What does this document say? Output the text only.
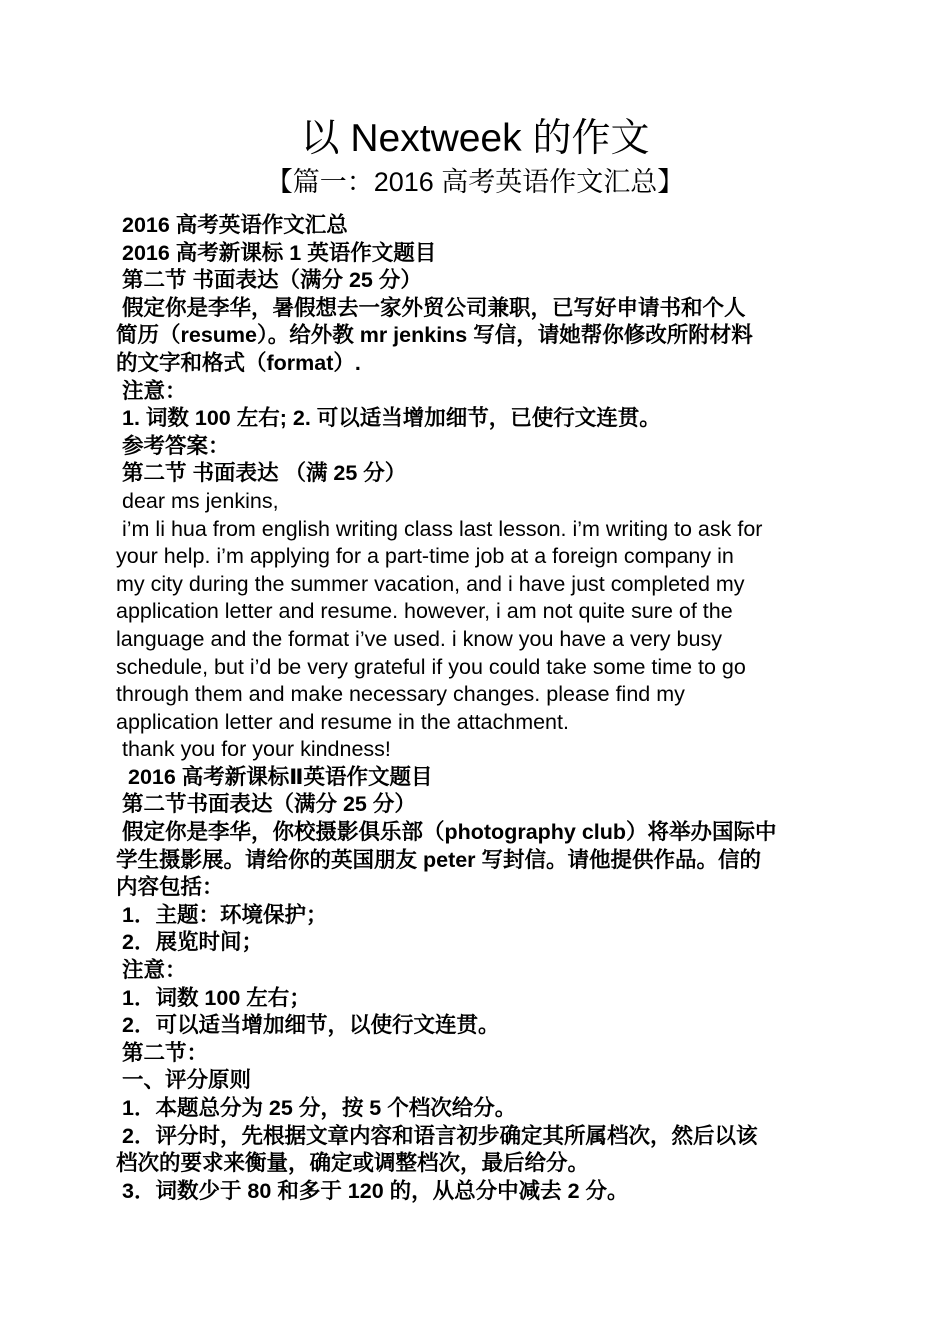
以 Nextweek 的作文
【篇一：2016 高考英语作文汇总】
2016 高考英语作文汇总
2016 高考新课标 1 英语作文题目
第二节 书面表达（满分 25 分）
假定你是李华，暑假想去一家外贸公司兼职，已写好申请书和个人
简历（resume）。给外教 mr jenkins 写信，请她帮你修改所附材料
的文字和格式（format）.
注意：
1. 词数 100 左右; 2. 可以适当增加细节，已使行文连贯。
参考答案：
第二节 书面表达 （满 25 分）
dear ms jenkins,
i’m li hua from english writing class last lesson. i’m writing to ask for
your help. i’m applying for a part-time job at a foreign company in
my city during the summer vacation, and i have just completed my
application letter and resume. however, i am not quite sure of the
language and the format i’ve used. i know you have a very busy
schedule, but i’d be very grateful if you could take some time to go
through them and make necessary changes. please find my
application letter and resume in the attachment.
thank you for your kindness!
2016 高考新课标Ⅱ英语作文题目
第二节书面表达（满分 25 分）
假定你是李华，你校摄影俱乐部（photography club）将举办国际中
学生摄影展。请给你的英国朋友 peter 写封信。请他提供作品。信的
内容包括：
1．主题：环境保护；
2．展览时间；
注意：
1．词数 100 左右；
2．可以适当增加细节，以使行文连贯。
第二节：
一、评分原则
1．本题总分为 25 分，按 5 个档次给分。
2．评分时，先根据文章内容和语言初步确定其所属档次，然后以该
档次的要求来衡量，确定或调整档次，最后给分。
3．词数少于 80 和多于 120 的，从总分中减去 2 分。
